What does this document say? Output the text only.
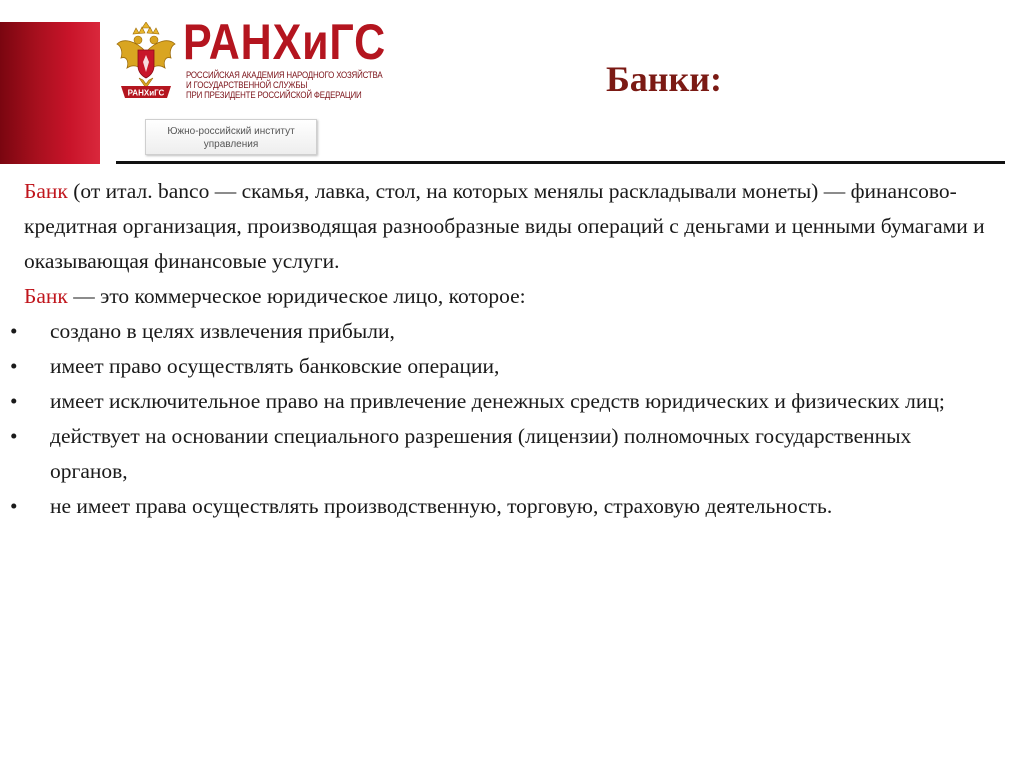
РАНХиГС
РАНХиГС
РОССИЙСКАЯ АКАДЕМИЯ НАРОДНОГО ХОЗЯЙСТВА
И ГОСУДАРСТВЕННОЙ СЛУЖБЫ
ПРИ ПРЕЗИДЕНТЕ РОССИЙСКОЙ ФЕДЕРАЦИИ
Южно-российский институт
управления
Банки:

Банк (от итал. banco — скамья, лавка, стол, на которых менялы раскладывали монеты) — финансово-кредитная организация, производящая разнообразные виды операций с деньгами и ценными бумагами и оказывающая финансовые услуги.

Банк — это коммерческое юридическое лицо, которое:

• создано в целях извлечения прибыли,
• имеет право осуществлять банковские операции,
• имеет исключительное право на привлечение денежных средств юридических и физических лиц;
• действует на основании специального разрешения (лицензии) полномочных государственных органов,
• не имеет права осуществлять производственную, торговую, страховую деятельность.
